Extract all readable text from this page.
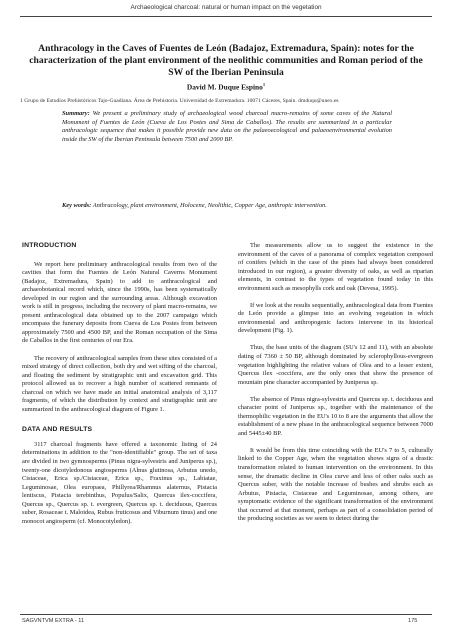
Archaeological charcoal: natural or human impact on the vegetation
Anthracology in the Caves of Fuentes de León (Badajoz, Extremadura, Spain): notes for the characterization of the plant environment of the neolithic communities and Roman period of the SW of the Iberian Peninsula
David M. Duque Espino$^1$
1 Grupo de Estudios Prehistóricos Tajo-Guadiana. Área de Prehistoria. Universidad de Extremadura. 10071 Cáceres, Spain. dmduqu@unex.es
Summary: We present a preliminary study of archaeological wood charcoal macro-remains of some caves of the Natural Monument of Fuentes de León (Cueva de Los Postes and Sima de Caballos). The results are summarized in a particular anthracologic sequence that makes it possible provide new data on the palaeoecological and palaeoenvironmental evolution inside the SW of the Iberian Peninsula between 7500 and 2000 BP.
Key words: Anthracology, plant environment, Holocene, Neolithic, Copper Age, anthropic intervention.
INTRODUCTION

We report here preliminary anthracological results from two of the cavities that form the Fuentes de León Natural Caverns Monument (Badajoz, Extremadura, Spain) to add to anthracological and archaeobotanical record which, since the 1990s, has been systematically developed in our region and the surrounding areas. Although excavation work is still in progress, including the recovery of plant macro-remains, we present anthracological data obtained up to the 2007 campaign which encompass the funerary deposits from Cueva de Los Postes from between approximately 7500 and 4500 BP, and the Roman occupation of the Sima de Caballos in the first centuries of our Era.

The recovery of anthracological samples from these sites consisted of a mixed strategy of direct collection, both dry and wet sifting of the charcoal, and floating the sediment by stratigraphic unit and excavation grid. This protocol allowed us to recover a high number of scattered remnants of charcoal on which we have made an initial anatomical analysis of 3,117 fragments, of which the distribution by context and stratigraphic unit are summarized in the anthracological diagram of Figure 1.

DATA AND RESULTS

3117 charcoal fragments have offered a taxonomic listing of 24 determinations in addition to the "non-identifiable" group. The set of taxa are divided in two gymnosperms (Pinus nigra-sylvestris and Juniperus sp.), twenty-one dicotyledonous angiosperms (Alnus glutinosa, Arbutus unedo, Cistaceae, Erica sp./Cistaceae, Erica sp., Fraxinus sp., Labiatae, Leguminosae, Olea europaea, Phillyrea/Rhamnus alaternus, Pistacia lentiscus, Pistacia terebinthus, Populus/Salix, Quercus ilex-coccifera, Quercus sp., Quercus sp. t. evergreen, Quercus sp. t. deciduous, Quercus suber, Rosaceae t. Maloidea, Rubus fruticosus and Viburnum tinus) and one monocot angiosperm (cf. Monocotyledon).

The measurements allow us to suggest the existence in the environment of the caves of a panorama of complex vegetation composed of conifers (which in the case of the pines had always been considered introduced in our region), a greater diversity of oaks, as well as riparian elements, in contrast to the types of vegetation found today in this environment such as mesophylls cork and oak (Devesa, 1995).

If we look at the results sequentially, anthracological data from Fuentes de León provide a glimpse into an evolving vegetation in which environmental and anthropogenic factors intervene in its historical development (Fig. 1).

Thus, the base units of the diagram (SU's 12 and 11), with an absolute dating of 7360 ± 50 BP, although dominated by sclerophyllous-evergreen vegetation highlighting the relative values of Olea and to a lesser extent, Quercus ilex -coccifera, are the only ones that show the presence of mountain pine character accompanied by Juniperus sp.

The absence of Pinus nigra-sylvestris and Quercus sp. t. deciduous and character point of Juniperus sp., together with the maintenance of the thermophilic vegetation in the EU's 10 to 8 are the arguments that allow the establishment of a new phase in the anthracological sequence between 7000 and 5445±40 BP.

It would be from this time coinciding with the EU's 7 to 5, culturally linked to the Copper Age, when the vegetation shows signs of a drastic transformation related to human intervention on the environment. In this sense, the dramatic decline in Olea curve and less of other oaks such as Quercus suber, with the notable increase of bushes and shrubs such as Arbutus, Pistacia, Cistaceae and Leguminosae, among others, are symptomatic evidence of the significant transformation of the environment that occurred at that moment, perhaps as part of a consolidation period of the producing societies as we seem to detect during the

SAGVNTVM EXTRA - 11	175
